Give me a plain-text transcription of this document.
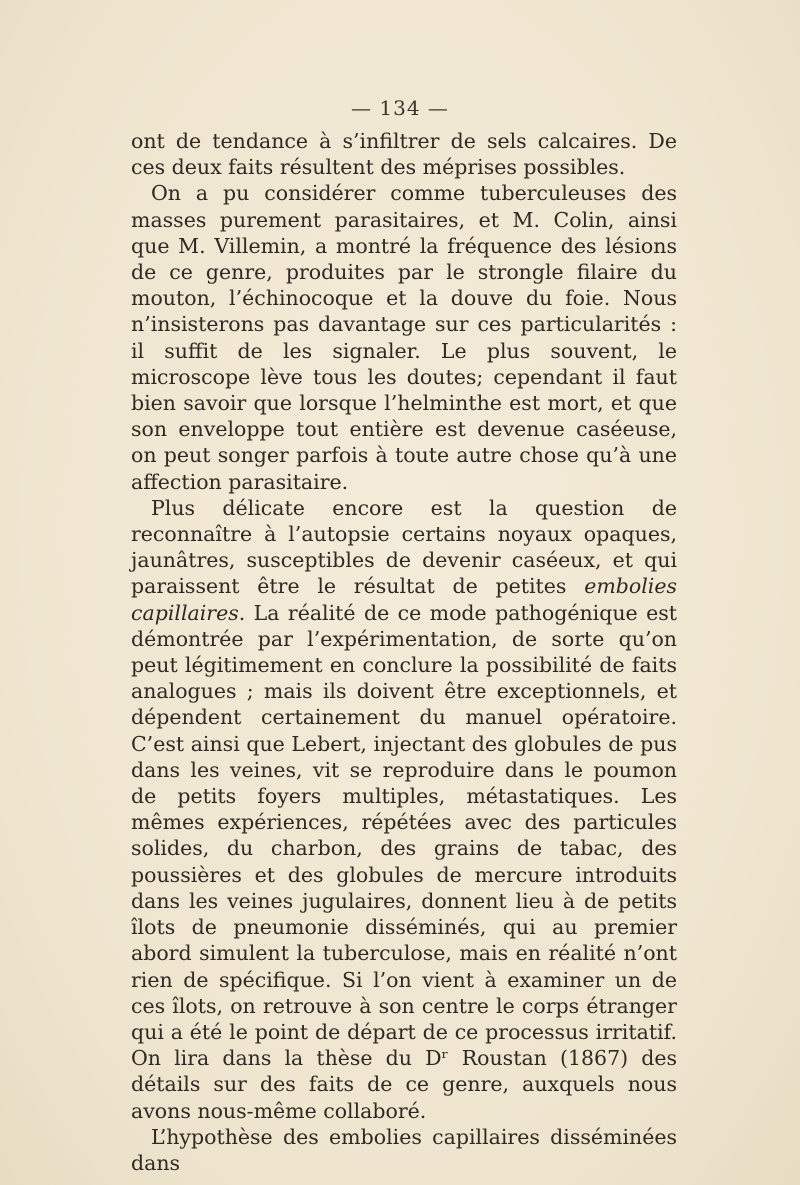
— 134 —

ont de tendance à s’infiltrer de sels calcaires. De ces deux faits résultent des méprises possibles.

On a pu considérer comme tuberculeuses des masses purement parasitaires, et M. Colin, ainsi que M. Villemin, a montré la fréquence des lésions de ce genre, produites par le strongle filaire du mouton, l’échinocoque et la douve du foie. Nous n’insisterons pas davantage sur ces particularités : il suffit de les signaler. Le plus souvent, le microscope lève tous les doutes; cependant il faut bien savoir que lorsque l’helminthe est mort, et que son enveloppe tout entière est devenue caséeuse, on peut songer parfois à toute autre chose qu’à une affection parasitaire.

Plus délicate encore est la question de reconnaître à l’autopsie certains noyaux opaques, jaunâtres, susceptibles de devenir caséeux, et qui paraissent être le résultat de petites embolies capillaires. La réalité de ce mode pathogénique est démontrée par l’expérimentation, de sorte qu’on peut légitimement en conclure la possibilité de faits analogues ; mais ils doivent être exceptionnels, et dépendent certainement du manuel opératoire. C’est ainsi que Lebert, injectant des globules de pus dans les veines, vit se reproduire dans le poumon de petits foyers multiples, métastatiques. Les mêmes expériences, répétées avec des particules solides, du charbon, des grains de tabac, des poussières et des globules de mercure introduits dans les veines jugulaires, donnent lieu à de petits îlots de pneumonie disséminés, qui au premier abord simulent la tuberculose, mais en réalité n’ont rien de spécifique. Si l’on vient à examiner un de ces îlots, on retrouve à son centre le corps étranger qui a été le point de départ de ce processus irritatif. On lira dans la thèse du Dʳ Roustan (1867) des détails sur des faits de ce genre, auxquels nous avons nous-même collaboré.

L’hypothèse des embolies capillaires disséminées dans
